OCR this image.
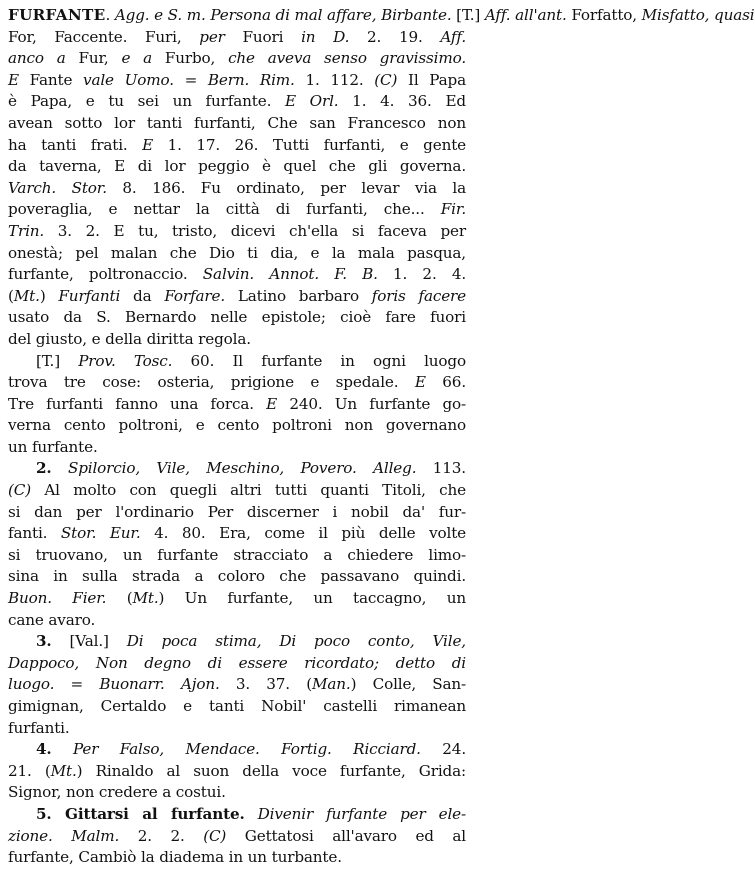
FURFANTE. Agg. e S. m. Persona di mal affare, Birbante. [T.] Aff. all'ant. Forfatto, Misfatto, quasi
For, Faccente. Furi, per Fuori in D. 2. 19. Aff.
anco a Fur, e a Furbo, che aveva senso gravissimo.
E Fante vale Uomo. = Bern. Rim. 1. 112. (C) Il Papa
è Papa, e tu sei un furfante. E Orl. 1. 4. 36. Ed
avean sotto lor tanti furfanti, Che san Francesco non
ha tanti frati. E 1. 17. 26. Tutti furfanti, e gente
da taverna, E di lor peggio è quel che gli governa.
Varch. Stor. 8. 186. Fu ordinato, per levar via la
poveraglia, e nettar la città di furfanti, che... Fir.
Trin. 3. 2. E tu, tristo, dicevi ch'ella si faceva per
onestà; pel malan che Dio ti dia, e la mala pasqua,
furfante, poltronaccio. Salvin. Annot. F. B. 1. 2. 4.
(Mt.) Furfanti da Forfare. Latino barbaro foris facere
usato da S. Bernardo nelle epistole; cioè fare fuori
del giusto, e della diritta regola.
[T.] Prov. Tosc. 60. Il furfante in ogni luogo
trova tre cose: osteria, prigione e spedale. E 66.
Tre furfanti fanno una forca. E 240. Un furfante go-
verna cento poltroni, e cento poltroni non governano
un furfante.
2. Spilorcio, Vile, Meschino, Povero. Alleg. 113.
(C) Al molto con quegli altri tutti quanti Titoli, che
si dan per l'ordinario Per discerner i nobil da' fur-
fanti. Stor. Eur. 4. 80. Era, come il più delle volte
si truovano, un furfante stracciato a chiedere limo-
sina in sulla strada a coloro che passavano quindi.
Buon. Fier. (Mt.) Un furfante, un taccagno, un
cane avaro.
3. [Val.] Di poca stima, Di poco conto, Vile,
Dappoco, Non degno di essere ricordato; detto di
luogo. = Buonarr. Ajon. 3. 37. (Man.) Colle, San-
gimignan, Certaldo e tanti Nobil' castelli rimanean
furfanti.
4. Per Falso, Mendace. Fortig. Ricciard. 24.
21. (Mt.) Rinaldo al suon della voce furfante, Grida:
Signor, non credere a costui.
5. Gittarsi al furfante. Divenir furfante per ele-
zione. Malm. 2. 2. (C) Gettatosi all'avaro ed al
furfante, Cambiò la diadema in un turbante.
